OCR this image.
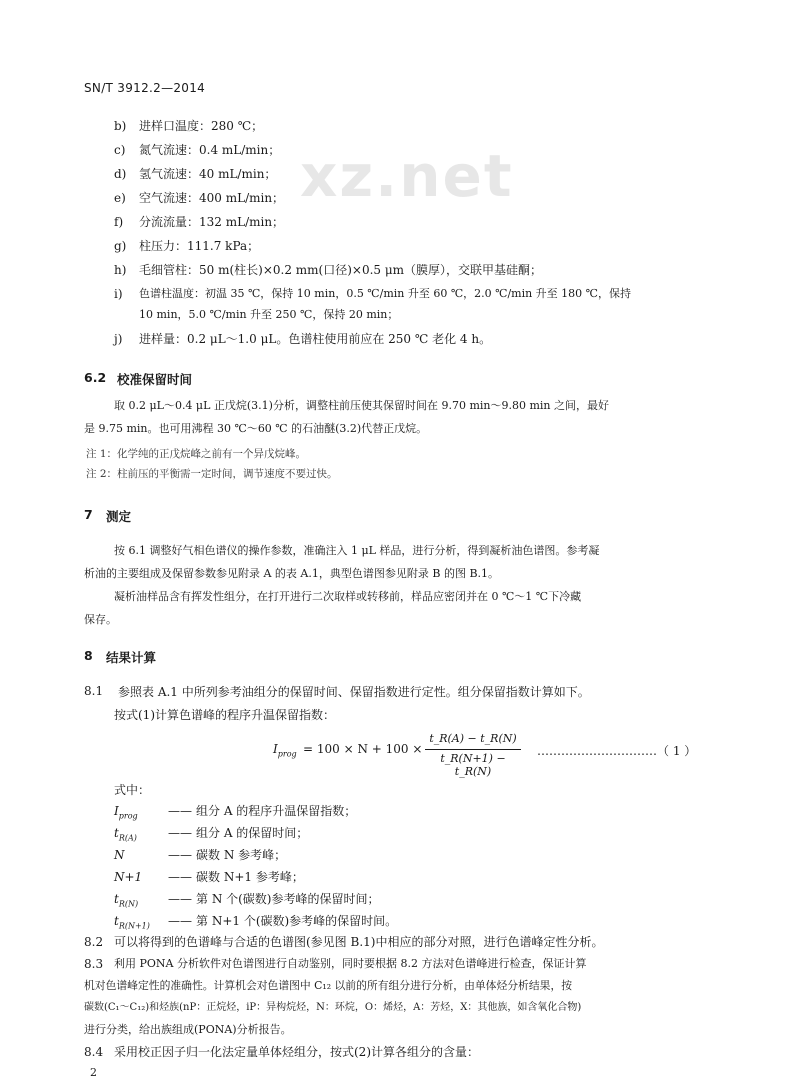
xz.net
SN/T 3912.2—2014
b) 进样口温度：280 ℃；
c) 氮气流速：0.4 mL/min；
d) 氢气流速：40 mL/min；
e) 空气流速：400 mL/min；
f) 分流流量：132 mL/min；
g) 柱压力：111.7 kPa；
h) 毛细管柱：50 m(柱长)×0.2 mm(口径)×0.5 μm（膜厚），交联甲基硅酮；
i) 色谱柱温度：初温 35 ℃，保持 10 min，0.5 ℃/min 升至 60 ℃，2.0 ℃/min 升至 180 ℃，保持
10 min，5.0 ℃/min 升至 250 ℃，保持 20 min；
j) 进样量：0.2 μL～1.0 μL。色谱柱使用前应在 250 ℃ 老化 4 h。
6.2 校准保留时间
取 0.2 μL～0.4 μL 正戊烷(3.1)分析，调整柱前压使其保留时间在 9.70 min～9.80 min 之间，最好
是 9.75 min。也可用沸程 30 ℃～60 ℃ 的石油醚(3.2)代替正戊烷。
注 1：化学纯的正戊烷峰之前有一个异戊烷峰。
注 2：柱前压的平衡需一定时间，调节速度不要过快。
7 测定
按 6.1 调整好气相色谱仪的操作参数，准确注入 1 μL 样品，进行分析，得到凝析油色谱图。参考凝
析油的主要组成及保留参数参见附录 A 的表 A.1，典型色谱图参见附录 B 的图 B.1。
凝析油样品含有挥发性组分，在打开进行二次取样或转移前，样品应密闭并在 0 ℃～1 ℃下冷藏
保存。
8 结果计算
8.1 参照表 A.1 中所列参考油组分的保留时间、保留指数进行定性。组分保留指数计算如下。
按式(1)计算色谱峰的程序升温保留指数：
$I_{prog} = 100 \times N + 100$ ×
t_R(A) − t_R(N)
t_R(N+1) − t_R(N)
…………………………（ 1 ）
式中：
$I_{prog}$	—— 组分 A 的程序升温保留指数；
$t_{R(A)}$	—— 组分 A 的保留时间；
N	—— 碳数 N 参考峰；
N+1 —— 碳数 N+1 参考峰；
$t_{R(N)}$ —— 第 N 个(碳数)参考峰的保留时间；
$t_{R(N+1)}$ —— 第 N+1 个(碳数)参考峰的保留时间。
8.2 可以将得到的色谱峰与合适的色谱图(参见图 B.1)中相应的部分对照，进行色谱峰定性分析。
8.3 利用 PONA 分析软件对色谱图进行自动鉴别，同时要根据 8.2 方法对色谱峰进行检查，保证计算
机对色谱峰定性的准确性。计算机会对色谱图中 C₁₂ 以前的所有组分进行分析，由单体烃分析结果，按
碳数(C₁～C₁₂)和烃族(nP：正烷烃，iP：异构烷烃，N：环烷，O：烯烃，A：芳烃，X：其他族，如含氧化合物)
进行分类，给出族组成(PONA)分析报告。
8.4 采用校正因子归一化法定量单体烃组分，按式(2)计算各组分的含量：
2
